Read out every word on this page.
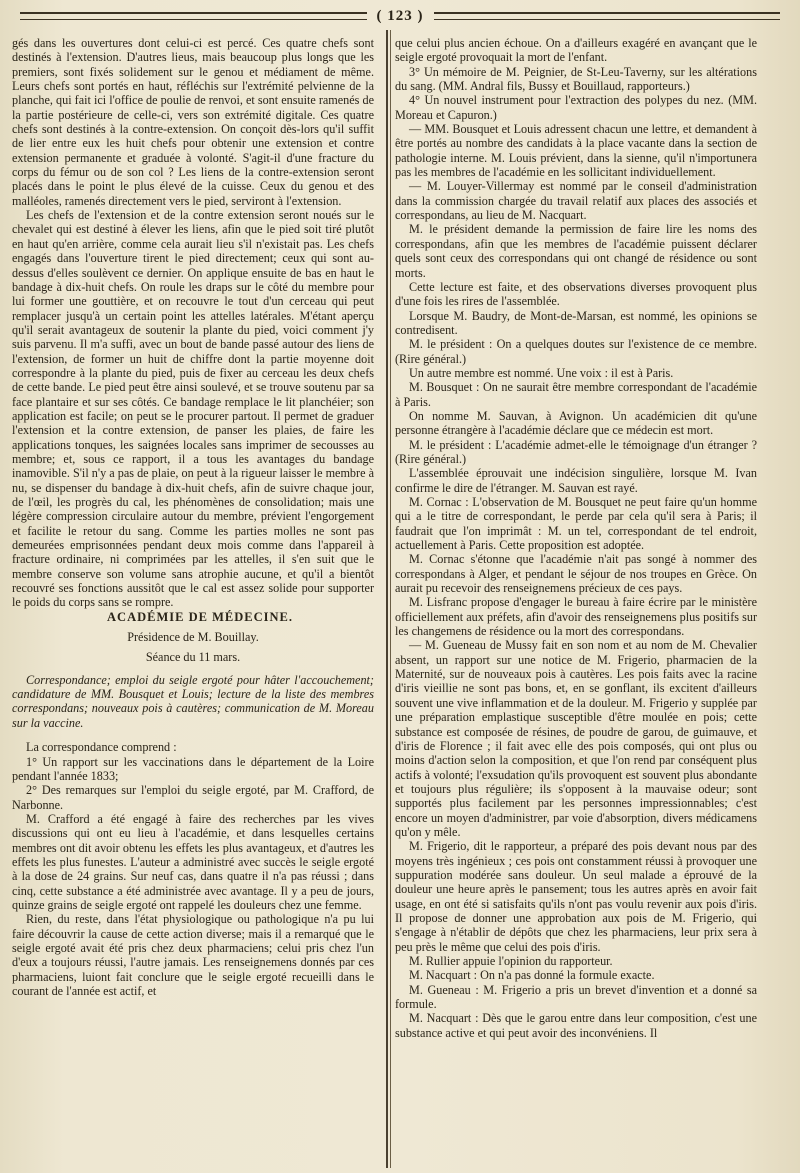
( 123 )

gés dans les ouvertures dont celui-ci est percé. Ces quatre chefs sont destinés à l'extension. D'autres lieus, mais beaucoup plus longs que les premiers, sont fixés solidement sur le genou et médiament de même. Leurs chefs sont portés en haut, réfléchis sur l'extrémité pelvienne de la planche, qui fait ici l'office de poulie de renvoi, et sont ensuite ramenés de la partie postérieure de celle-ci, vers son extrémité digitale. Ces quatre chefs sont destinés à la contre-extension. On conçoit dès-lors qu'il suffit de lier entre eux les huit chefs pour obtenir une extension et contre extension permanente et graduée à volonté. S'agit-il d'une fracture du corps du fémur ou de son col ? Les liens de la contre-extension seront placés dans le point le plus élevé de la cuisse. Ceux du genou et des malléoles, ramenés directement vers le pied, serviront à l'extension.

Les chefs de l'extension et de la contre extension seront noués sur le chevalet qui est destiné à élever les liens, afin que le pied soit tiré plutôt en haut qu'en arrière, comme cela aurait lieu s'il n'existait pas. Les chefs engagés dans l'ouverture tirent le pied directement; ceux qui sont au-dessus d'elles soulèvent ce dernier. On applique ensuite de bas en haut le bandage à dix-huit chefs. On roule les draps sur le côté du membre pour lui former une gouttière, et on recouvre le tout d'un cerceau qui peut remplacer jusqu'à un certain point les attelles latérales. M'étant aperçu qu'il serait avantageux de soutenir la plante du pied, voici comment j'y suis parvenu. Il m'a suffi, avec un bout de bande passé autour des liens de l'extension, de former un huit de chiffre dont la partie moyenne doit correspondre à la plante du pied, puis de fixer au cerceau les deux chefs de cette bande. Le pied peut être ainsi soulevé, et se trouve soutenu par sa face plantaire et sur ses côtés. Ce bandage remplace le lit planchéier; son application est facile; on peut se le procurer partout. Il permet de graduer l'extension et la contre extension, de panser les plaies, de faire les applications tonques, les saignées locales sans imprimer de secousses au membre; et, sous ce rapport, il a tous les avantages du bandage inamovible. S'il n'y a pas de plaie, on peut à la rigueur laisser le membre à nu, se dispenser du bandage à dix-huit chefs, afin de suivre chaque jour, de l'œil, les progrès du cal, les phénomènes de consolidation; mais une légère compression circulaire autour du membre, prévient l'engorgement et facilite le retour du sang. Comme les parties molles ne sont pas demeurées emprisonnées pendant deux mois comme dans l'appareil à fracture ordinaire, ni comprimées par les attelles, il s'en suit que le membre conserve son volume sans atrophie aucune, et qu'il a bientôt recouvré ses fonctions aussitôt que le cal est assez solide pour supporter le poids du corps sans se rompre.

ACADÉMIE DE MÉDECINE.

Présidence de M. Bouillay.

Séance du 11 mars.

Correspondance; emploi du seigle ergoté pour hâter l'accouchement; candidature de MM. Bousquet et Louis; lecture de la liste des membres correspondans; nouveaux pois à cautères; communication de M. Moreau sur la vaccine.

La correspondance comprend :

1° Un rapport sur les vaccinations dans le département de la Loire pendant l'année 1833;

2° Des remarques sur l'emploi du seigle ergoté, par M. Crafford, de Narbonne.

M. Crafford a été engagé à faire des recherches par les vives discussions qui ont eu lieu à l'académie, et dans lesquelles certains membres ont dit avoir obtenu les effets les plus avantageux, et d'autres les effets les plus funestes. L'auteur a administré avec succès le seigle ergoté à la dose de 24 grains. Sur neuf cas, dans quatre il n'a pas réussi ; dans cinq, cette substance a été administrée avec avantage. Il y a peu de jours, quinze grains de seigle ergoté ont rappelé les douleurs chez une femme.

Rien, du reste, dans l'état physiologique ou pathologique n'a pu lui faire découvrir la cause de cette action diverse; mais il a remarqué que le seigle ergoté avait été pris chez deux pharmaciens; celui pris chez l'un d'eux a toujours réussi, l'autre jamais. Les renseignemens donnés par ces pharmaciens, luiont fait conclure que le seigle ergoté recueilli dans le courant de l'année est actif, et

que celui plus ancien échoue. On a d'ailleurs exagéré en avançant que le seigle ergoté provoquait la mort de l'enfant.

3° Un mémoire de M. Peignier, de St-Leu-Taverny, sur les altérations du sang. (MM. Andral fils, Bussy et Bouillaud, rapporteurs.)

4° Un nouvel instrument pour l'extraction des polypes du nez. (MM. Moreau et Capuron.)

— MM. Bousquet et Louis adressent chacun une lettre, et demandent à être portés au nombre des candidats à la place vacante dans la section de pathologie interne. M. Louis prévient, dans la sienne, qu'il n'importunera pas les membres de l'académie en les sollicitant individuellement.

— M. Louyer-Villermay est nommé par le conseil d'administration dans la commission chargée du travail relatif aux places des associés et correspondans, au lieu de M. Nacquart.

M. le président demande la permission de faire lire les noms des correspondans, afin que les membres de l'académie puissent déclarer quels sont ceux des correspondans qui ont changé de résidence ou sont morts.

Cette lecture est faite, et des observations diverses provoquent plus d'une fois les rires de l'assemblée.

Lorsque M. Baudry, de Mont-de-Marsan, est nommé, les opinions se contredisent.

M. le président : On a quelques doutes sur l'existence de ce membre. (Rire général.)

Un autre membre est nommé. Une voix : il est à Paris.

M. Bousquet : On ne saurait être membre correspondant de l'académie à Paris.

On nomme M. Sauvan, à Avignon. Un académicien dit qu'une personne étrangère à l'académie déclare que ce médecin est mort.

M. le président : L'académie admet-elle le témoignage d'un étranger ? (Rire général.)

L'assemblée éprouvait une indécision singulière, lorsque M. Ivan confirme le dire de l'étranger. M. Sauvan est rayé.

M. Cornac : L'observation de M. Bousquet ne peut faire qu'un homme qui a le titre de correspondant, le perde par cela qu'il sera à Paris; il faudrait que l'on imprimât : M. un tel, correspondant de tel endroit, actuellement à Paris. Cette proposition est adoptée.

M. Cornac s'étonne que l'académie n'ait pas songé à nommer des correspondans à Alger, et pendant le séjour de nos troupes en Grèce. On aurait pu recevoir des renseignemens précieux de ces pays.

M. Lisfranc propose d'engager le bureau à faire écrire par le ministère officiellement aux préfets, afin d'avoir des renseignemens plus positifs sur les changemens de résidence ou la mort des correspondans.

— M. Gueneau de Mussy fait en son nom et au nom de M. Chevalier absent, un rapport sur une notice de M. Frigerio, pharmacien de la Maternité, sur de nouveaux pois à cautères. Les pois faits avec la racine d'iris vieillie ne sont pas bons, et, en se gonflant, ils excitent d'ailleurs souvent une vive inflammation et de la douleur. M. Frigerio y supplée par une préparation emplastique susceptible d'être moulée en pois; cette substance est composée de résines, de poudre de garou, de guimauve, et d'iris de Florence ; il fait avec elle des pois composés, qui ont plus ou moins d'action selon la composition, et que l'on rend par conséquent plus actifs à volonté; l'exsudation qu'ils provoquent est souvent plus abondante et toujours plus régulière; ils s'opposent à la mauvaise odeur; sont supportés plus facilement par les personnes impressionnables; c'est encore un moyen d'administrer, par voie d'absorption, divers médicamens qu'on y mêle.

M. Frigerio, dit le rapporteur, a préparé des pois devant nous par des moyens très ingénieux ; ces pois ont constamment réussi à provoquer une suppuration modérée sans douleur. Un seul malade a éprouvé de la douleur une heure après le pansement; tous les autres après en avoir fait usage, en ont été si satisfaits qu'ils n'ont pas voulu revenir aux pois d'iris. Il propose de donner une approbation aux pois de M. Frigerio, qui s'engage à n'établir de dépôts que chez les pharmaciens, leur prix sera à peu près le même que celui des pois d'iris.

M. Rullier appuie l'opinion du rapporteur.

M. Nacquart : On n'a pas donné la formule exacte.

M. Gueneau : M. Frigerio a pris un brevet d'invention et a donné sa formule.

M. Nacquart : Dès que le garou entre dans leur composition, c'est une substance active et qui peut avoir des inconvéniens. Il
